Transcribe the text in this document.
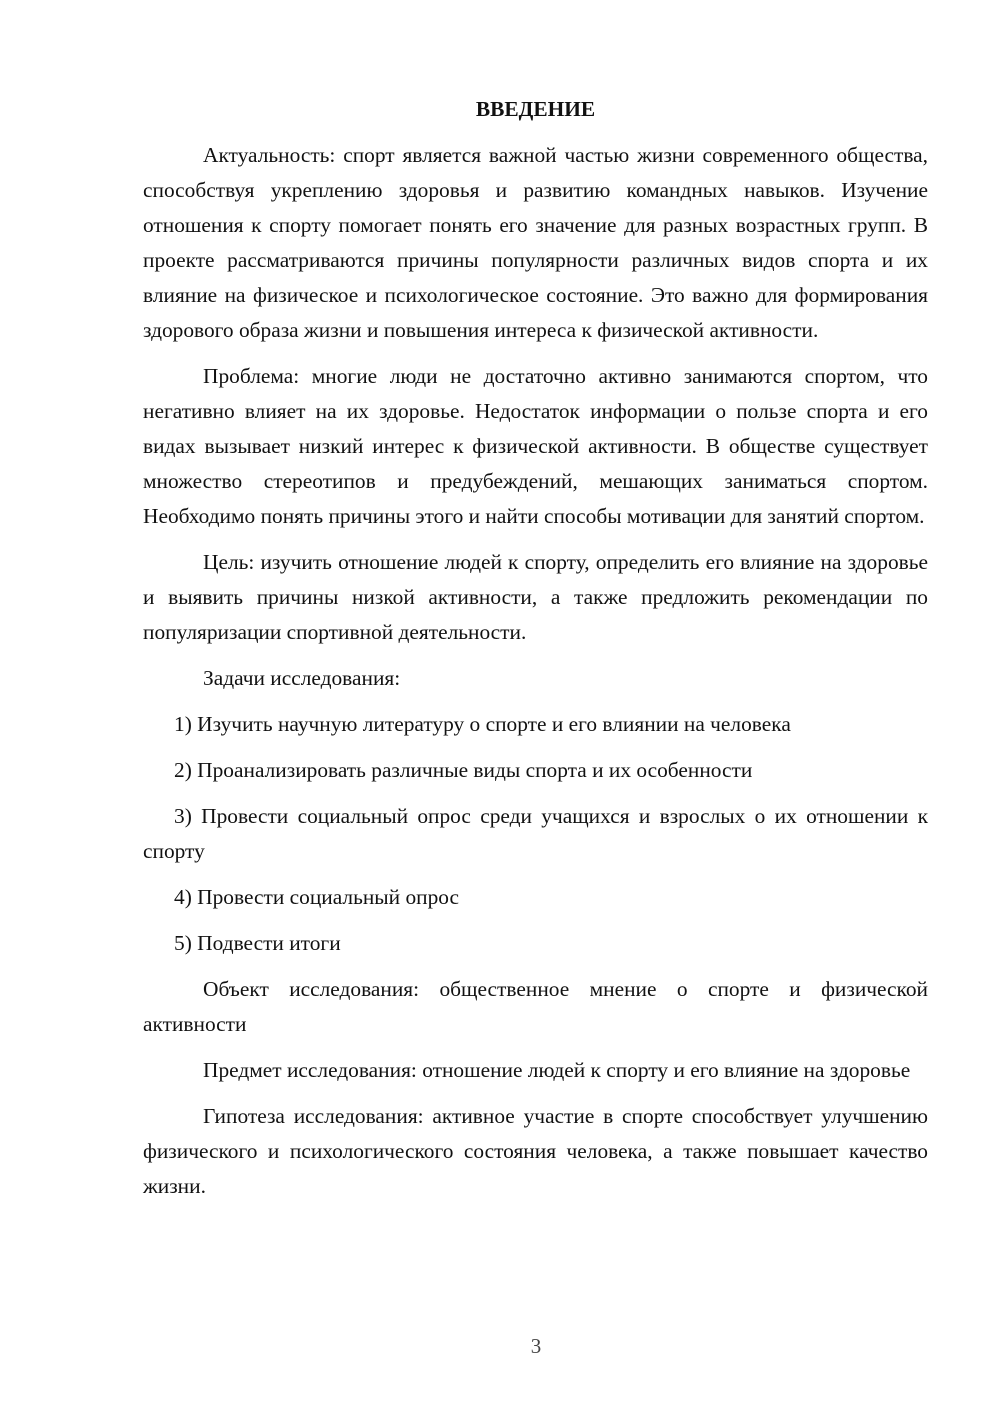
ВВЕДЕНИЕ

Актуальность: спорт является важной частью жизни современного общества, способствуя укреплению здоровья и развитию командных навыков. Изучение отношения к спорту помогает понять его значение для разных возрастных групп. В проекте рассматриваются причины популярности различных видов спорта и их влияние на физическое и психологическое состояние. Это важно для формирования здорового образа жизни и повышения интереса к физической активности.

Проблема: многие люди не достаточно активно занимаются спортом, что негативно влияет на их здоровье. Недостаток информации о пользе спорта и его видах вызывает низкий интерес к физической активности. В обществе существует множество стереотипов и предубеждений, мешающих заниматься спортом. Необходимо понять причины этого и найти способы мотивации для занятий спортом.

Цель: изучить отношение людей к спорту, определить его влияние на здоровье и выявить причины низкой активности, а также предложить рекомендации по популяризации спортивной деятельности.

Задачи исследования:

1) Изучить научную литературу о спорте и его влиянии на человека

2) Проанализировать различные виды спорта и их особенности

3) Провести социальный опрос среди учащихся и взрослых о их отношении к спорту

4) Провести социальный опрос

5) Подвести итоги

Объект исследования: общественное мнение о спорте и физической активности

Предмет исследования: отношение людей к спорту и его влияние на здоровье

Гипотеза исследования: активное участие в спорте способствует улучшению физического и психологического состояния человека, а также повышает качество жизни.

3
